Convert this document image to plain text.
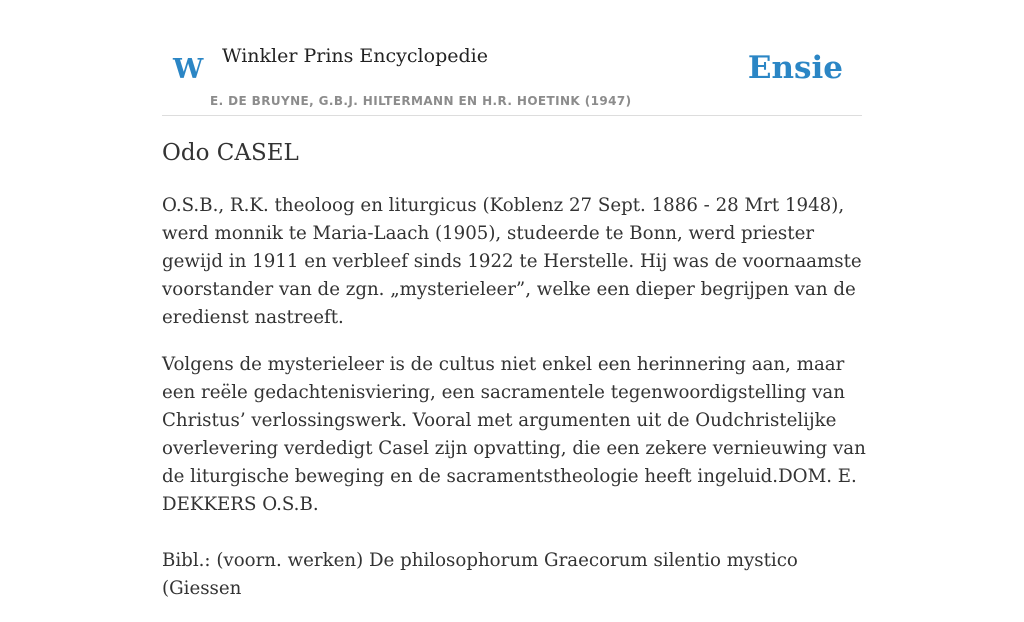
W Winkler Prins Encyclopedie
E. DE BRUYNE, G.B.J. HILTERMANN EN H.R. HOETINK (1947)
Ensie
Odo CASEL

O.S.B., R.K. theoloog en liturgicus (Koblenz 27 Sept. 1886 - 28 Mrt 1948), werd monnik te Maria-Laach (1905), studeerde te Bonn, werd priester gewijd in 1911 en verbleef sinds 1922 te Herstelle. Hij was de voornaamste voorstander van de zgn. „mysterieleer”, welke een dieper begrijpen van de eredienst nastreeft.

Volgens de mysterieleer is de cultus niet enkel een herinnering aan, maar een reële gedachtenisviering, een sacramentele tegenwoordigstelling van Christus’ verlossingswerk. Vooral met argumenten uit de Oudchristelijke overlevering verdedigt Casel zijn opvatting, die een zekere vernieuwing van de liturgische beweging en de sacramentstheologie heeft ingeluid.DOM. E. DEKKERS O.S.B.

Bibl.: (voorn. werken) De philosophorum Graecorum silentio mystico (Giessen
